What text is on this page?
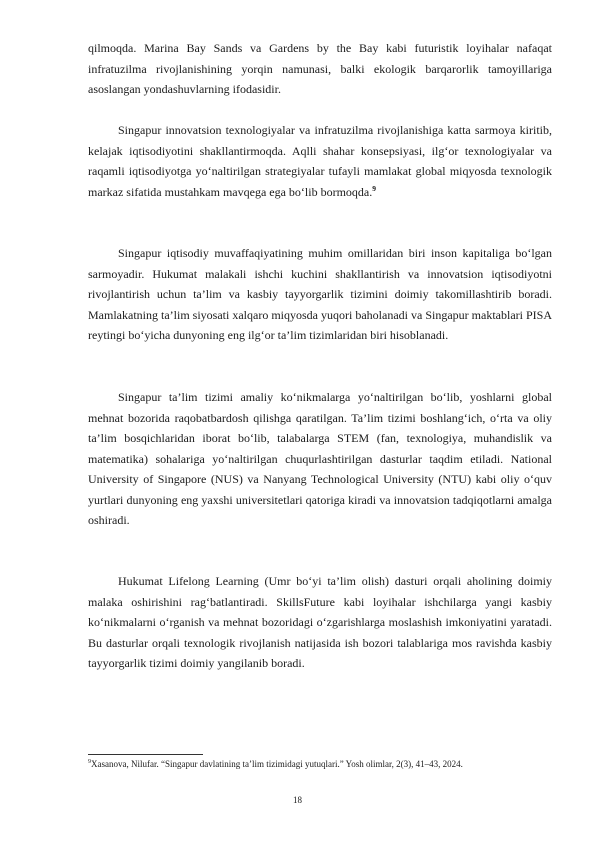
qilmoqda. Marina Bay Sands va Gardens by the Bay kabi futuristik loyihalar nafaqat infratuzilma rivojlanishining yorqin namunasi, balki ekologik barqarorlik tamoyillariga asoslangan yondashuvlarning ifodasidir.

Singapur innovatsion texnologiyalar va infratuzilma rivojlanishiga katta sarmoya kiritib, kelajak iqtisodiyotini shakllantirmoqda. Aqlli shahar konsepsiyasi, ilg‘or texnologiyalar va raqamli iqtisodiyotga yo‘naltirilgan strategiyalar tufayli mamlakat global miqyosda texnologik markaz sifatida mustahkam mavqega ega bo‘lib bormoqda.$^9$

Singapur iqtisodiy muvaffaqiyatining muhim omillaridan biri inson kapitaliga bo‘lgan sarmoyadir. Hukumat malakali ishchi kuchini shakllantirish va innovatsion iqtisodiyotni rivojlantirish uchun ta’lim va kasbiy tayyorgarlik tizimini doimiy takomillashtirib boradi. Mamlakatning ta’lim siyosati xalqaro miqyosda yuqori baholanadi va Singapur maktablari PISA reytingi bo‘yicha dunyoning eng ilg‘or ta’lim tizimlaridan biri hisoblanadi.

Singapur ta’lim tizimi amaliy ko‘nikmalarga yo‘naltirilgan bo‘lib, yoshlarni global mehnat bozorida raqobatbardosh qilishga qaratilgan. Ta’lim tizimi boshlang‘ich, o‘rta va oliy ta’lim bosqichlaridan iborat bo‘lib, talabalarga STEM (fan, texnologiya, muhandislik va matematika) sohalariga yo‘naltirilgan chuqurlashtirilgan dasturlar taqdim etiladi. National University of Singapore (NUS) va Nanyang Technological University (NTU) kabi oliy o‘quv yurtlari dunyoning eng yaxshi universitetlari qatoriga kiradi va innovatsion tadqiqotlarni amalga oshiradi.

Hukumat Lifelong Learning (Umr bo‘yi ta’lim olish) dasturi orqali aholining doimiy malaka oshirishini rag‘batlantiradi. SkillsFuture kabi loyihalar ishchilarga yangi kasbiy ko‘nikmalarni o‘rganish va mehnat bozoridagi o‘zgarishlarga moslashish imkoniyatini yaratadi. Bu dasturlar orqali texnologik rivojlanish natijasida ish bozori talablariga mos ravishda kasbiy tayyorgarlik tizimi doimiy yangilanib boradi.

$^9$Xasanova, Nilufar. “Singapur davlatining ta’lim tizimidagi yutuqlari.” Yosh olimlar, 2(3), 41–43, 2024.

18
